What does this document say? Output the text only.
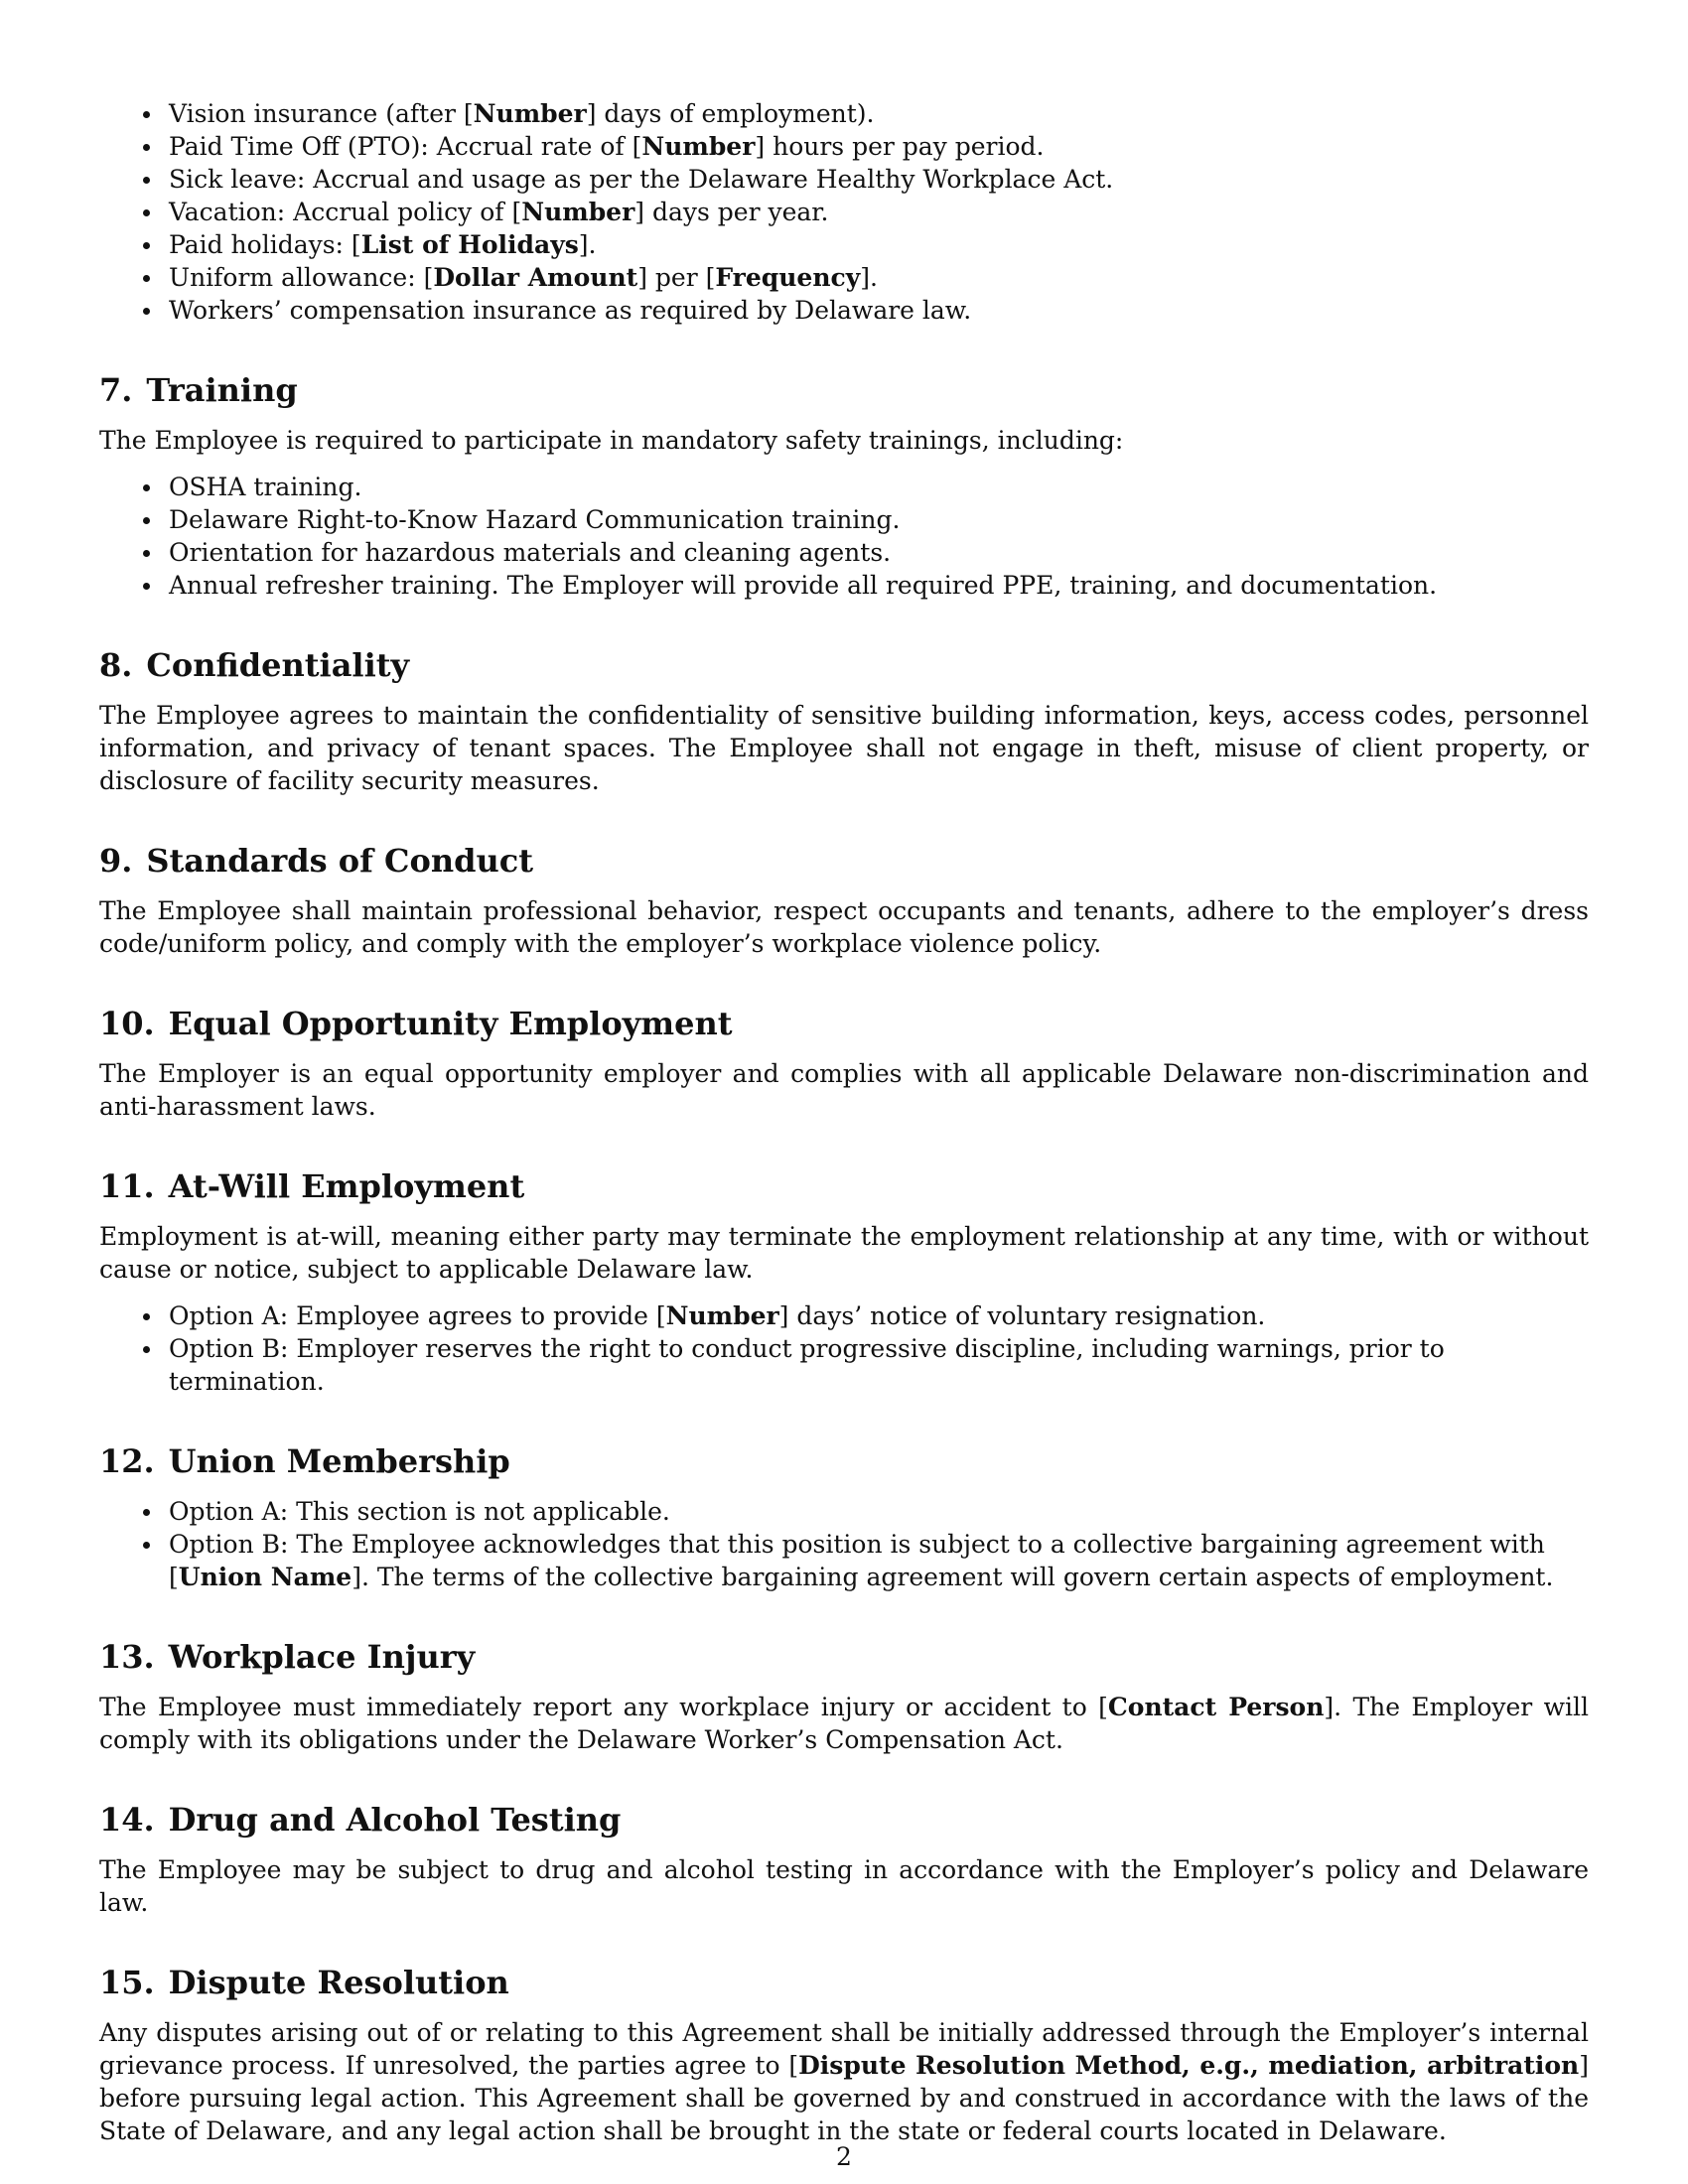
Vision insurance (after [Number] days of employment).
Paid Time Off (PTO): Accrual rate of [Number] hours per pay period.
Sick leave: Accrual and usage as per the Delaware Healthy Workplace Act.
Vacation: Accrual policy of [Number] days per year.
Paid holidays: [List of Holidays].
Uniform allowance: [Dollar Amount] per [Frequency].
Workers’ compensation insurance as required by Delaware law.
7. Training

The Employee is required to participate in mandatory safety trainings, including:

OSHA training.
Delaware Right-to-Know Hazard Communication training.
Orientation for hazardous materials and cleaning agents.
Annual refresher training. The Employer will provide all required PPE, training, and documentation.
8. Confidentiality

The Employee agrees to maintain the confidentiality of sensitive building information, keys, access codes, personnel information, and privacy of tenant spaces. The Employee shall not engage in theft, misuse of client property, or disclosure of facility security measures.

9. Standards of Conduct

The Employee shall maintain professional behavior, respect occupants and tenants, adhere to the employer’s dress code/uniform policy, and comply with the employer’s workplace violence policy.

10. Equal Opportunity Employment

The Employer is an equal opportunity employer and complies with all applicable Delaware non-discrimination and anti-harassment laws.

11. At-Will Employment

Employment is at-will, meaning either party may terminate the employment relationship at any time, with or without cause or notice, subject to applicable Delaware law.

Option A: Employee agrees to provide [Number] days’ notice of voluntary resignation.
Option B: Employer reserves the right to conduct progressive discipline, including warnings, prior to termination.
12. Union Membership
Option A: This section is not applicable.
Option B: The Employee acknowledges that this position is subject to a collective bargaining agreement with [Union Name]. The terms of the collective bargaining agreement will govern certain aspects of employment.
13. Workplace Injury

The Employee must immediately report any workplace injury or accident to [Contact Person]. The Employer will comply with its obligations under the Delaware Worker’s Compensation Act.

14. Drug and Alcohol Testing

The Employee may be subject to drug and alcohol testing in accordance with the Employer’s policy and Delaware law.

15. Dispute Resolution

Any disputes arising out of or relating to this Agreement shall be initially addressed through the Employer’s internal grievance process. If unresolved, the parties agree to [Dispute Resolution Method, e.g., mediation, arbitration] before pursuing legal action. This Agreement shall be governed by and construed in accordance with the laws of the State of Delaware, and any legal action shall be brought in the state or federal courts located in Delaware.

2
